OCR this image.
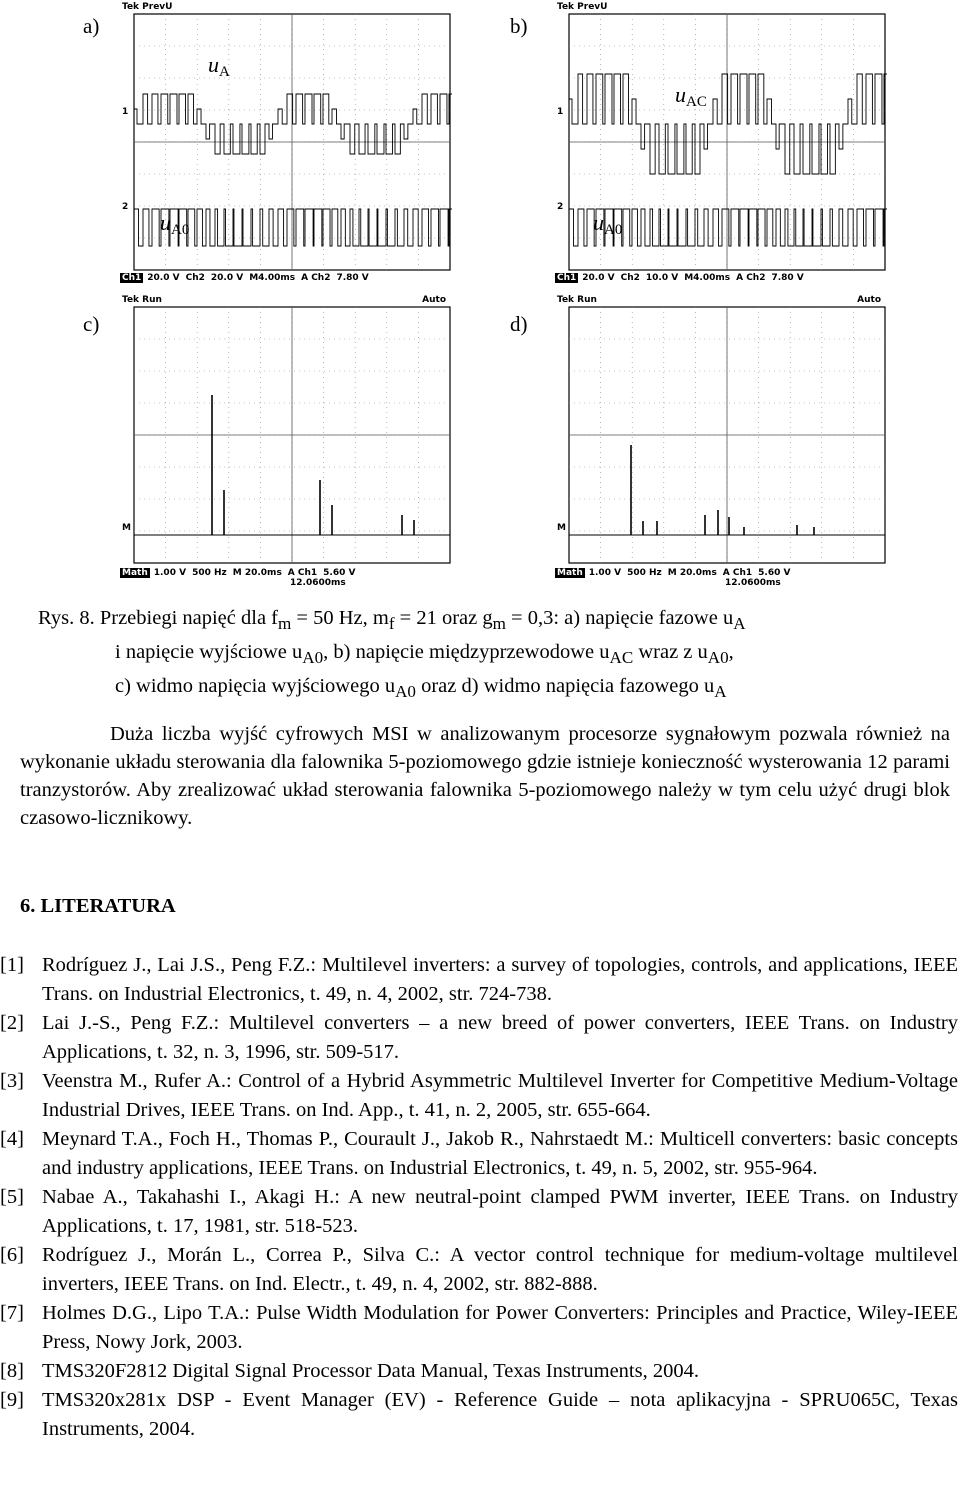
a)
Tek PrevU
$u_A$
$u_{A0}$
1
2
Ch1 20.0 V Ch2 20.0 V M4.00ms A Ch2 7.80 V
b)
Tek PrevU
$u_{AC}$
$u_{A0}$
1
2
Ch1 20.0 V Ch2 10.0 V M4.00ms A Ch2 7.80 V
c)
Tek Run	Auto
M
Math 1.00 V 500 Hz M 20.0ms A Ch1 5.60 V
12.0600ms
d)
Tek Run	Auto
M
Math 1.00 V 500 Hz M 20.0ms A Ch1 5.60 V
12.0600ms
Rys. 8. Przebiegi napięć dla $f_m = 50$ Hz, $m_f = 21$ oraz $g_m = 0,3$: a) napięcie fazowe $u_A$
i napięcie wyjściowe $u_{A0}$, b) napięcie międzyprzewodowe $u_{AC}$ wraz z $u_{A0}$,
c) widmo napięcia wyjściowego $u_{A0}$ oraz d) widmo napięcia fazowego $u_A$
Duża liczba wyjść cyfrowych MSI w analizowanym procesorze sygnałowym pozwala również na wykonanie układu sterowania dla falownika 5-poziomowego gdzie istnieje konieczność wysterowania 12 parami tranzystorów. Aby zrealizować układ sterowania falownika 5-poziomowego należy w tym celu użyć drugi blok czasowo-licznikowy.
6. LITERATURA
[1] Rodríguez J., Lai J.S., Peng F.Z.: Multilevel inverters: a survey of topologies, controls, and applications, IEEE Trans. on Industrial Electronics, t. 49, n. 4, 2002, str. 724-738.
[2] Lai J.-S., Peng F.Z.: Multilevel converters – a new breed of power converters, IEEE Trans. on Industry Applications, t. 32, n. 3, 1996, str. 509-517.
[3] Veenstra M., Rufer A.: Control of a Hybrid Asymmetric Multilevel Inverter for Competitive Medium-Voltage Industrial Drives, IEEE Trans. on Ind. App., t. 41, n. 2, 2005, str. 655-664.
[4] Meynard T.A., Foch H., Thomas P., Courault J., Jakob R., Nahrstaedt M.: Multicell converters: basic concepts and industry applications, IEEE Trans. on Industrial Electronics, t. 49, n. 5, 2002, str. 955-964.
[5] Nabae A., Takahashi I., Akagi H.: A new neutral-point clamped PWM inverter, IEEE Trans. on Industry Applications, t. 17, 1981, str. 518-523.
[6] Rodríguez J., Morán L., Correa P., Silva C.: A vector control technique for medium-voltage multilevel inverters, IEEE Trans. on Ind. Electr., t. 49, n. 4, 2002, str. 882-888.
[7] Holmes D.G., Lipo T.A.: Pulse Width Modulation for Power Converters: Principles and Practice, Wiley-IEEE Press, Nowy Jork, 2003.
[8] TMS320F2812 Digital Signal Processor Data Manual, Texas Instruments, 2004.
[9] TMS320x281x DSP - Event Manager (EV) - Reference Guide – nota aplikacyjna - SPRU065C, Texas Instruments, 2004.
